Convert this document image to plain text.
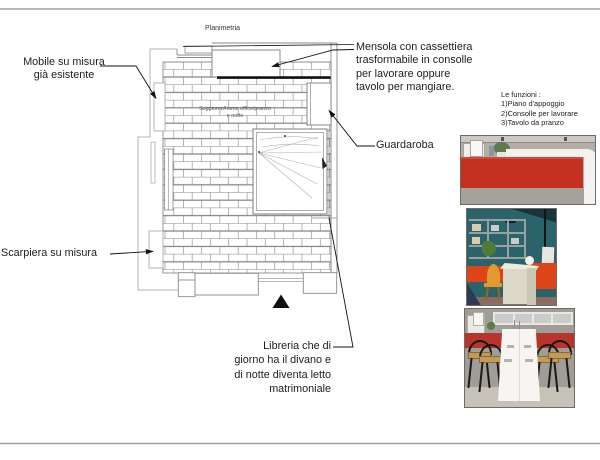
Planimetria
Mobile su misura
già esistente
Scarpiera su misura
Mensola con cassettiera
trasformabile in consolle
per lavorare oppure
tavolo per mangiare.
Guardaroba
Libreria che di
giorno ha il divano e
di notte diventa letto
matrimoniale
Le funzioni :
1)Piano d'appoggio
2)Consolle per lavorare
3)Tavolo da pranzo
Soggiorno/home office/pranzo e notte
